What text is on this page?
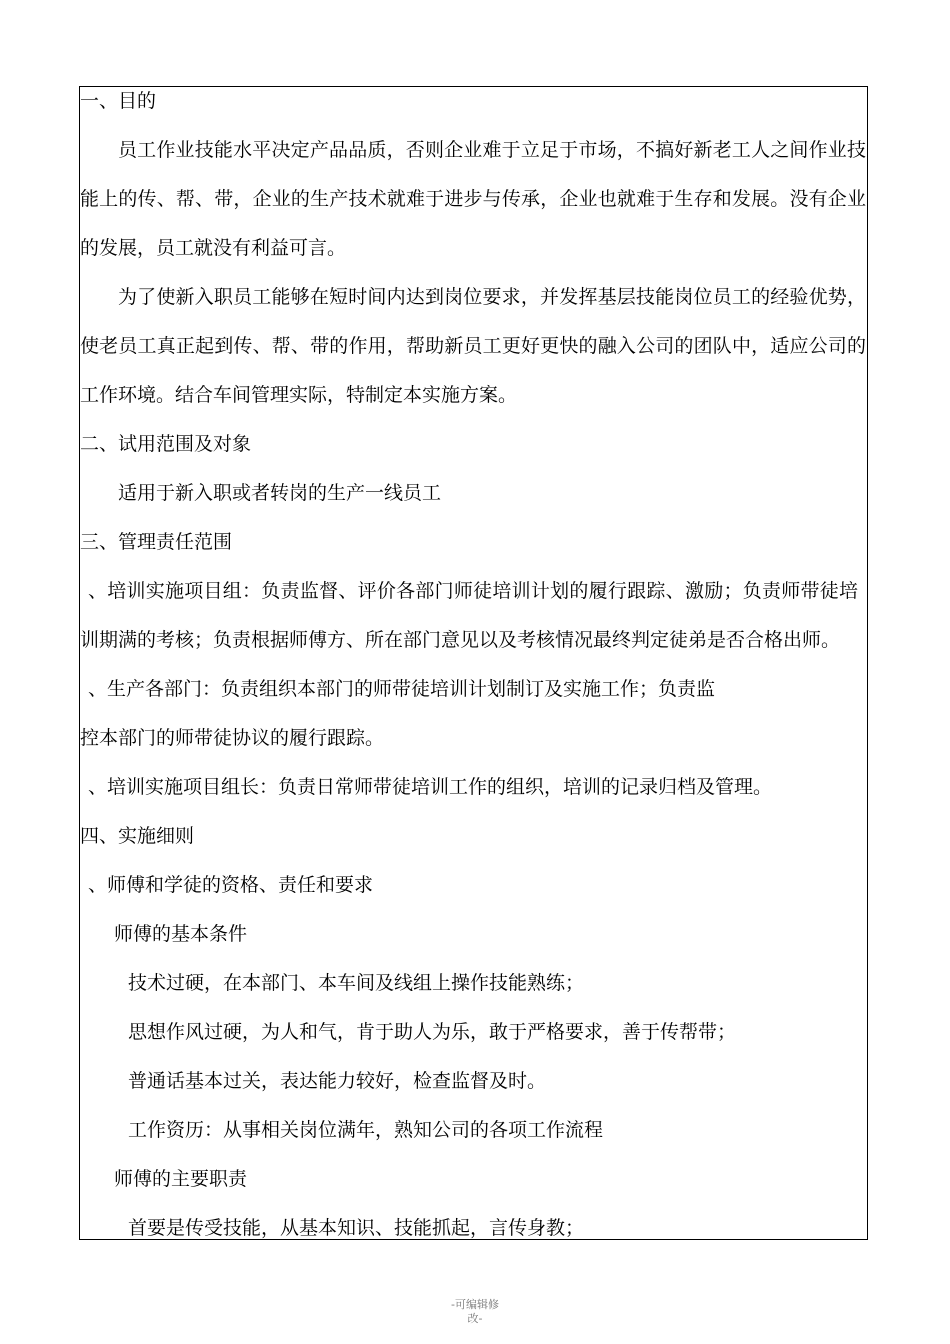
一、目的
员工作业技能水平决定产品品质，否则企业难于立足于市场，不搞好新老工人之间作业技
能上的传、帮、带，企业的生产技术就难于进步与传承，企业也就难于生存和发展。没有企业
的发展，员工就没有利益可言。
为了使新入职员工能够在短时间内达到岗位要求，并发挥基层技能岗位员工的经验优势，
使老员工真正起到传、帮、带的作用，帮助新员工更好更快的融入公司的团队中，适应公司的
工作环境。结合车间管理实际，特制定本实施方案。
二、试用范围及对象
适用于新入职或者转岗的生产一线员工
三、管理责任范围
、培训实施项目组：负责监督、评价各部门师徒培训计划的履行跟踪、激励；负责师带徒培
训期满的考核；负责根据师傅方、所在部门意见以及考核情况最终判定徒弟是否合格出师。
、生产各部门：负责组织本部门的师带徒培训计划制订及实施工作；负责监
控本部门的师带徒协议的履行跟踪。
、培训实施项目组长：负责日常师带徒培训工作的组织，培训的记录归档及管理。
四、实施细则
、师傅和学徒的资格、责任和要求
师傅的基本条件
技术过硬，在本部门、本车间及线组上操作技能熟练；
思想作风过硬，为人和气，肯于助人为乐，敢于严格要求，善于传帮带；
普通话基本过关，表达能力较好，检查监督及时。
工作资历：从事相关岗位满年，熟知公司的各项工作流程
师傅的主要职责
首要是传受技能，从基本知识、技能抓起，言传身教；
-可编辑修
改-
